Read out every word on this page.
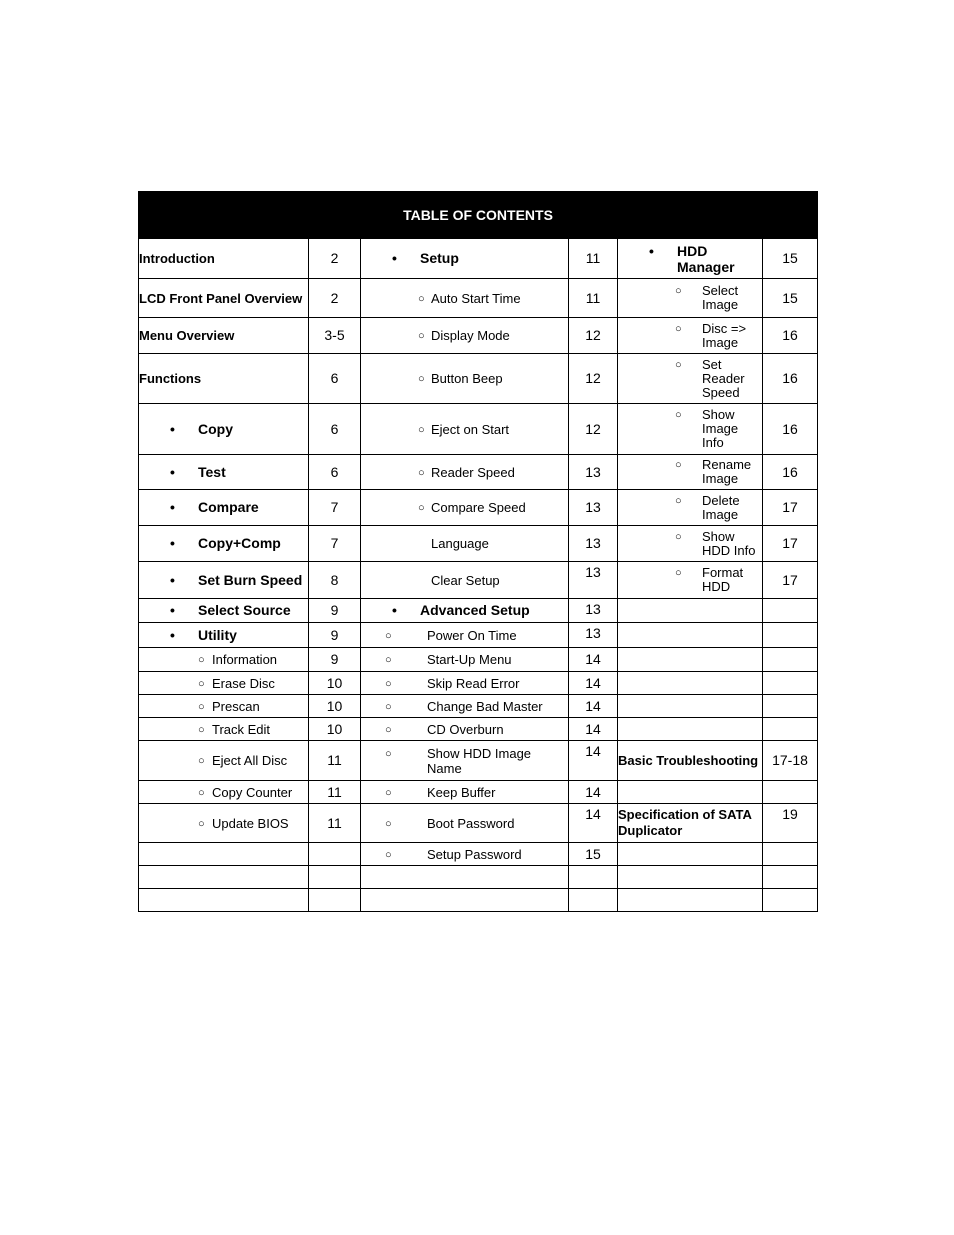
TABLE OF CONTENTS					
Introduction	2	• Setup	11	• HDD Manager	15
LCD Front Panel Overview	2	○ Auto Start Time	11	○ Select Image	15
Menu Overview	3-5	○ Display Mode	12	○ Disc => Image	16
Functions	6	○ Button Beep	12	○ Set Reader Speed	16

• Copy	6	○ Eject on Start	12	○ Show Image Info	16

• Test	6	○ Reader Speed	13	○ Rename Image	16

• Compare	7	○ Compare Speed	13	○ Delete Image	17

• Copy+Comp	7	Language	13	○ Show HDD Info	17

• Set Burn Speed	8	Clear Setup	13	○ Format HDD	17

• Select Source	9	• Advanced Setup	13		

• Utility	9	○ Power On Time	13		

○ Information	9	○ Start-Up Menu	14		

○ Erase Disc	10	○ Skip Read Error	14		

○ Prescan	10	○ Change Bad Master	14		

○ Track Edit	10	○ CD Overburn	14		

○ Eject All Disc	11	○ Show HDD Image Name	14	Basic Troubleshooting	17-18

○ Copy Counter	11	○ Keep Buffer	14		

○ Update BIOS	11	○ Boot Password	14	Specification of SATA Duplicator	19

		○ Setup Password	15		
